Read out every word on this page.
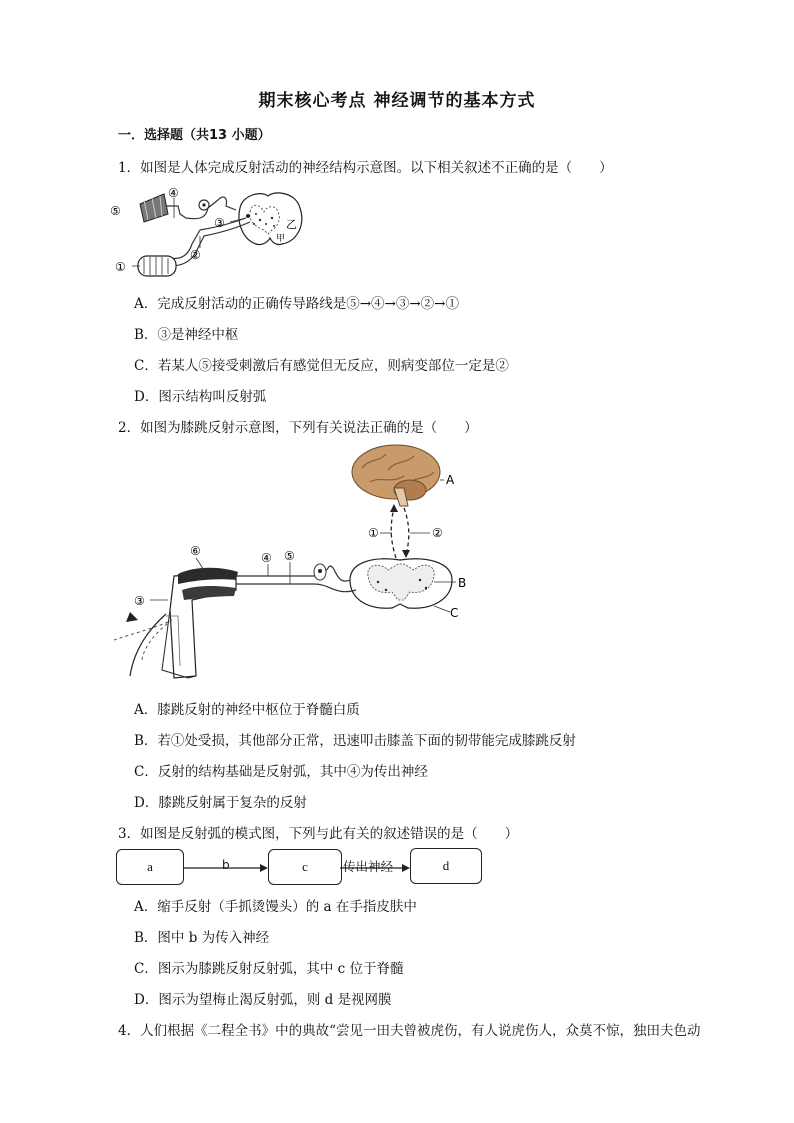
期末核心考点 神经调节的基本方式
一．选择题（共13 小题）
1．如图是人体完成反射活动的神经结构示意图。以下相关叙述不正确的是（　　）
⑤
④
③
②
①
乙
甲
A．完成反射活动的正确传导路线是⑤→④→③→②→①
B．③是神经中枢
C．若某人⑤接受刺激后有感觉但无反应，则病变部位一定是②
D．图示结构叫反射弧
2．如图为膝跳反射示意图，下列有关说法正确的是（　　）
A
①	②
B
C
④ ⑤
⑥
③
A．膝跳反射的神经中枢位于脊髓白质
B．若①处受损，其他部分正常，迅速叩击膝盖下面的韧带能完成膝跳反射
C．反射的结构基础是反射弧，其中④为传出神经
D．膝跳反射属于复杂的反射
3．如图是反射弧的模式图，下列与此有关的叙述错误的是（　　）
a	c	d
b	传出神经
A．缩手反射（手抓烫馒头）的 a 在手指皮肤中
B．图中 b 为传入神经
C．图示为膝跳反射反射弧，其中 c 位于脊髓
D．图示为望梅止渴反射弧，则 d 是视网膜
4．人们根据《二程全书》中的典故“尝见一田夫曾被虎伤，有人说虎伤人，众莫不惊，独田夫色动
